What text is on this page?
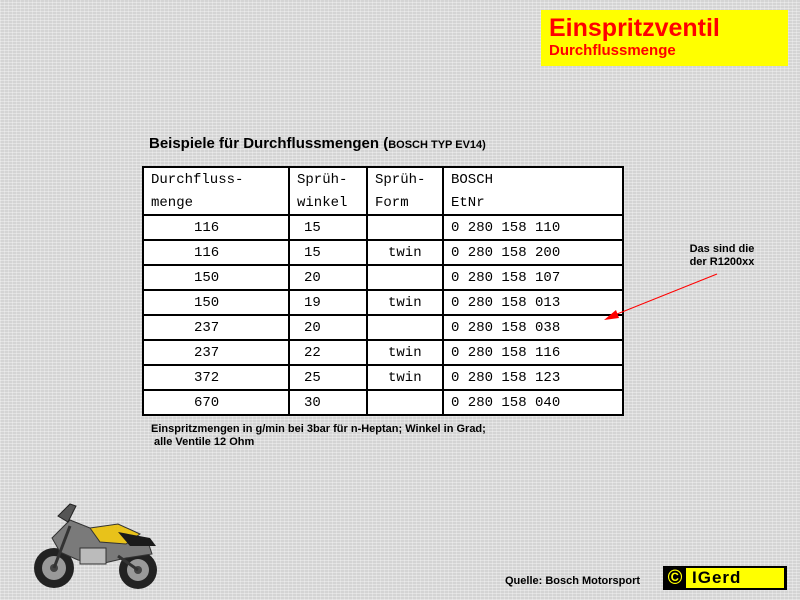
Einspritzventil
Durchflussmenge
Beispiele für Durchflussmengen (BOSCH TYP EV14)
Durchfluss-	Sprüh-	Sprüh-	BOSCH
menge	winkel	Form	EtNr
116	15		0 280 158 110
116	15	twin	0 280 158 200
150	20		0 280 158 107
150	19	twin	0 280 158 013
237	20		0 280 158 038
237	22	twin	0 280 158 116
372	25	twin	0 280 158 123
670	30		0 280 158 040
Einspritzmengen in g/min bei 3bar für n-Heptan; Winkel in Grad;
alle Ventile 12 Ohm
Das sind die
der R1200xx
Quelle: Bosch Motorsport © IGerd
